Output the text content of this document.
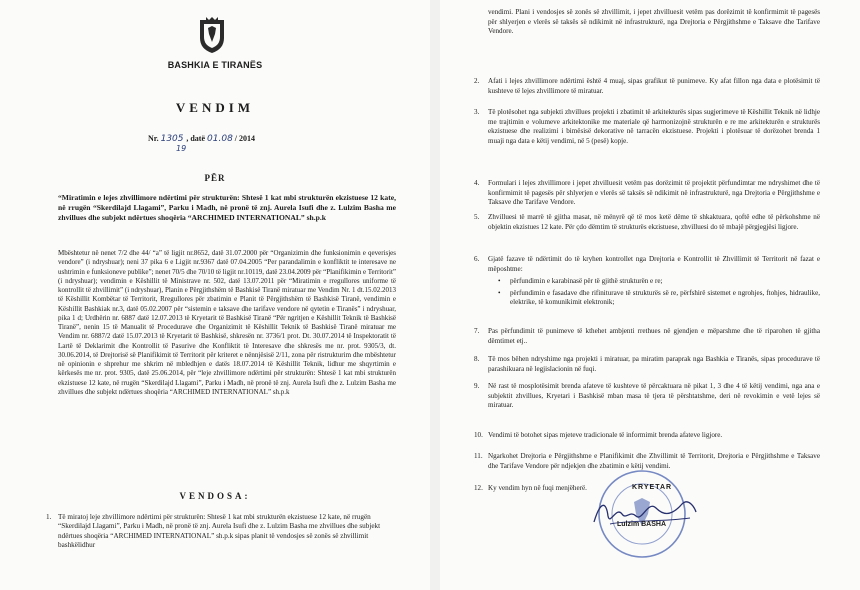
BASHKIA E TIRANËS
VENDIM
Nr. 1305 , datë 01.08 / 2014
19
PËR
“Miratimin e lejes zhvillimore ndërtimi për strukturën: Shtesë 1 kat mbi strukturën ekzistuese 12 kate, në rrugën “Skerdilajd Llagami”, Parku i Madh, në pronë të znj. Aurela Isufi dhe z. Lulzim Basha me zhvillues dhe subjekt ndërtues shoqëria “ARCHIMED INTERNATIONAL” sh.p.k
Mbështetur në nenet 7/2 dhe 44/ “a” të ligjit nr.8652, datë 31.07.2000 për “Organizimin dhe funksionimin e qeverisjes vendore” (i ndryshuar); neni 37 pika 6 e Ligjit nr.9367 datë 07.04.2005 “Per parandalimin e konfliktit te interesave ne ushtrimin e funksioneve publike”; nenet 70/5 dhe 70/10 të ligjit nr.10119, datë 23.04.2009 për “Planifikimin e Territorit” (i ndryshuar); vendimin e Këshillit të Ministrave nr. 502, datë 13.07.2011 për “Miratimin e rregullores uniforme të kontrollit të zhvillimit” (i ndryshuar), Planin e Përgjithshëm të Bashkisë Tiranë miratuar me Vendim Nr. 1 dt.15.02.2013 të Këshillit Kombëtar të Territorit, Rregullores për zbatimin e Planit të Përgjithshëm të Bashkisë Tiranë, vendimin e Këshillit Bashkiak nr.3, datë 05.02.2007 për “sistemin e taksave dhe tarifave vendore në qytetin e Tiranës” i ndryshuar, pika 1 d; Urdhërin nr. 6887 datë 12.07.2013 të Kryetarit të Bashkisë Tiranë “Për ngritjen e Këshillit Teknik të Bashkisë Tiranë”, nenin 15 të Manualit të Procedurave dhe Organizimit të Këshillit Teknik të Bashkisë Tiranë miratuar me Vendim nr. 6887/2 datë 15.07.2013 të Kryetarit të Bashkisë, shkresën nr. 3736/1 prot. Dt. 30.07.2014 të Inspektoratit të Lartë të Deklarimit dhe Kontrollit të Pasurive dhe Konfliktit të Interesave dhe shkresës me nr. prot. 9305/3, dt. 30.06.2014, të Drejtorisë së Planifikimit të Territorit për kriteret e nënnjësisë 2/11, zona për ristrukturim dhe mbështetur në opinionin e shprehur me shkrim në mbledhjen e datës 18.07.2014 të Këshillit Teknik, lidhur me shqyrtimin e kërkesës me nr. prot. 9305, datë 25.06.2014, për “leje zhvillimore ndërtimi për strukturën: Shtesë 1 kat mbi strukturën ekzistuese 12 kate, në rrugën “Skerdilajd Llagami”, Parku i Madh, në pronë të znj. Aurela Isufi dhe z. Lulzim Basha me zhvillues dhe subjekt ndërtues shoqëria “ARCHIMED INTERNATIONAL” sh.p.k
VENDOSA:
1. Të miratoj leje zhvillimore ndërtimi për strukturën: Shtesë 1 kat mbi strukturën ekzistuese 12 kate, në rrugën “Skerdilajd Llagami”, Parku i Madh, në pronë të znj. Aurela Isufi dhe z. Lulzim Basha me zhvillues dhe subjekt ndërtues shoqëria “ARCHIMED INTERNATIONAL” sh.p.k sipas planit të vendosjes së zonës së zhvillimit bashkëlidhur
vendimi. Plani i vendosjes së zonës së zhvillimit, i jepet zhvilluesit vetëm pas dorëzimit të konfirmimit të pagesës për shlyerjen e vlerës së taksës së ndikimit në infrastrukturë, nga Drejtoria e Përgjithshme e Taksave dhe Tarifave Vendore.
2. Afati i lejes zhvillimore ndërtimi është 4 muaj, sipas grafikut të punimeve. Ky afat fillon nga data e plotësimit të kushteve të lejes zhvillimore të miratuar.
3. Të plotësohet nga subjekti zhvillues projekti i zbatimit të arkitekturës sipas sugjerimeve të Këshillit Teknik në lidhje me trajtimin e volumeve arkitektonike me materiale që harmonizojnë strukturën e re me arkitekturën e strukturës ekzistuese dhe realizimi i bimësisë dekorative në tarracën ekzistuese. Projekti i plotësuar të dorëzohet brenda 1 muaji nga data e këtij vendimi, në 5 (pesë) kopje.
4. Formulari i lejes zhvillimore i jepet zhvilluesit vetëm pas dorëzimit të projektit përfundimtar me ndryshimet dhe të konfirmimit të pagesës për shlyerjen e vlerës së taksës së ndikimit në infrastrukturë, nga Drejtoria e Përgjithshme e Taksave dhe Tarifave Vendore.
5. Zhvilluesi të marrë të gjitha masat, në mënyrë që të mos ketë dëme të shkaktuara, qoftë edhe të përkohshme në objektin ekzistues 12 kate. Për çdo dëmtim të strukturës ekzistuese, zhvilluesi do të mbajë përgjegjësi ligjore.
6. Gjatë fazave të ndërtimit do të kryhen kontrollet nga Drejtoria e Kontrollit të Zhvillimit të Territorit në fazat e mëposhtme:
• përfundimin e karabinasë për të gjithë strukturën e re;
• përfundimin e fasadave dhe rifiniturave të strukturës së re, përfshirë sistemet e ngrohjes, ftohjes, hidraulike, elektrike, të komunikimit elektronik;
7. Pas përfundimit të punimeve të kthehet ambjenti rrethues në gjendjen e mëparshme dhe të riparohen të gjitha dëmtimet etj..
8. Të mos bëhen ndryshime nga projekti i miratuar, pa miratim paraprak nga Bashkia e Tiranës, sipas procedurave të parashikuara në legjislacionin në fuqi.
9. Në rast të mosplotësimit brenda afateve të kushteve të përcaktuara në pikat 1, 3 dhe 4 të këtij vendimi, nga ana e subjektit zhvillues, Kryetari i Bashkisë mban masa të tjera të përshtatshme, deri në revokimin e vetë lejes së miratuar.
10. Vendimi të botohet sipas mjeteve tradicionale të informimit brenda afateve ligjore.
11. Ngarkohet Drejtoria e Përgjithshme e Planifikimit dhe Zhvillimit të Territorit, Drejtoria e Përgjithshme e Taksave dhe Tarifave Vendore për ndjekjen dhe zbatimin e këtij vendimi.
12. Ky vendim hyn në fuqi menjëherë.	KRYETAR
Lulzim BASHA
